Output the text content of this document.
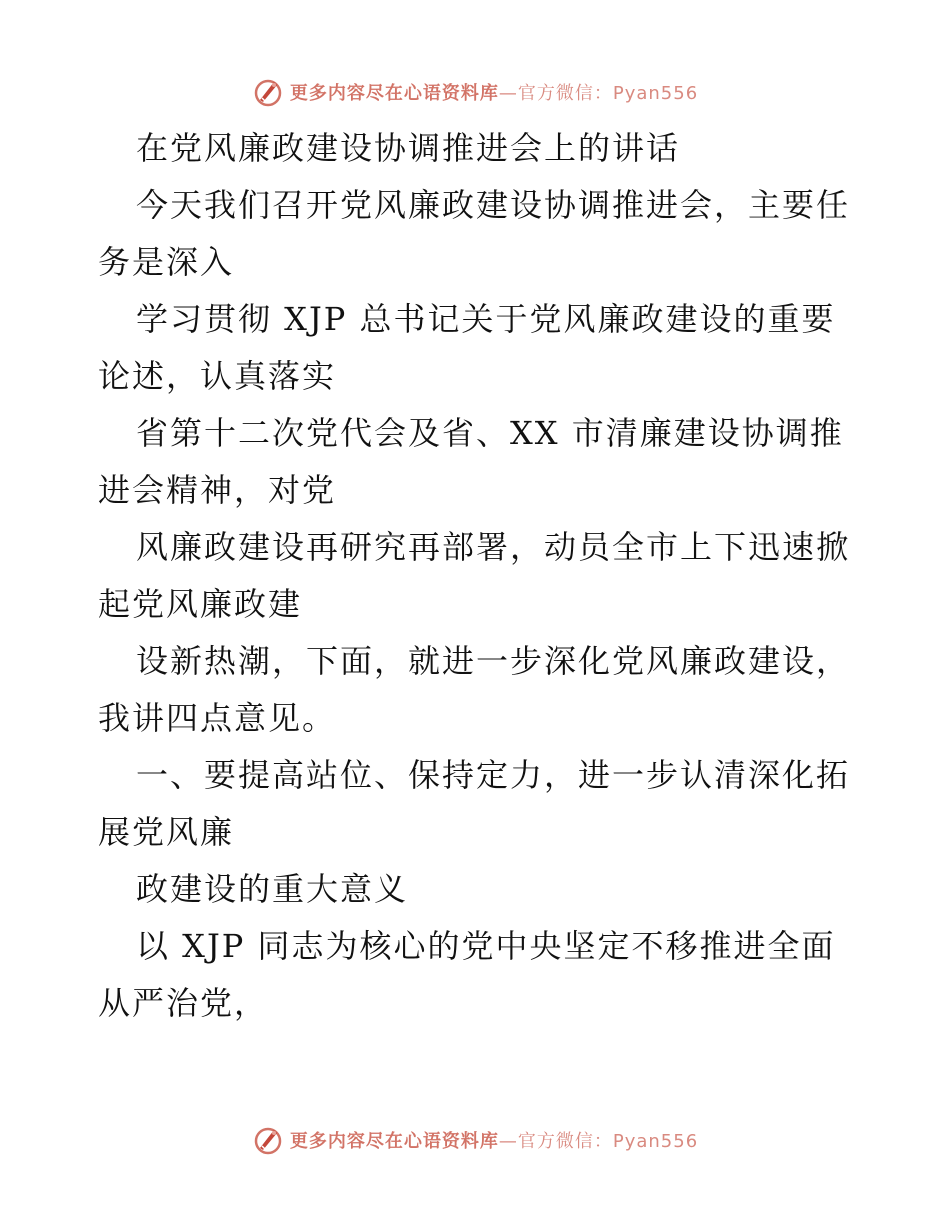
更多内容尽在心语资料库—官方微信：Pyan556
在党风廉政建设协调推进会上的讲话
今天我们召开党风廉政建设协调推进会，主要任
务是深入
学习贯彻 XJP 总书记关于党风廉政建设的重要
论述，认真落实
省第十二次党代会及省、XX 市清廉建设协调推
进会精神，对党
风廉政建设再研究再部署，动员全市上下迅速掀
起党风廉政建
设新热潮，下面，就进一步深化党风廉政建设，
我讲四点意见。
一、要提高站位、保持定力，进一步认清深化拓
展党风廉
政建设的重大意义
以 XJP 同志为核心的党中央坚定不移推进全面
从严治党，
更多内容尽在心语资料库—官方微信：Pyan556
